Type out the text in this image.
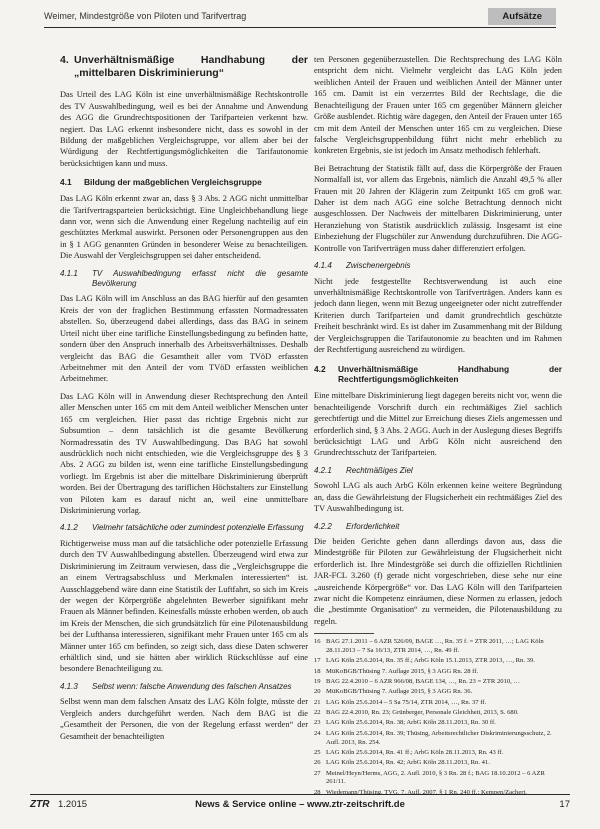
Weimer, Mindestgröße von Piloten und Tarifvertrag	Aufsätze
4. Unverhältnismäßige Handhabung der „mittelbaren Diskriminierung“

Das Urteil des LAG Köln ist eine unverhältnismäßige Rechtskontrolle des TV Auswahlbedingung, weil es bei der Annahme und Anwendung des AGG die Grundrechtspositionen der Tarifparteien verkennt bzw. negiert. Das LAG erkennt insbesondere nicht, dass es sowohl in der Bildung der maßgeblichen Vergleichsgruppe, vor allem aber bei der Würdigung der Rechtfertigungsmöglichkeiten die Tarifautonomie berücksichtigen kann und muss.

4.1	Bildung der maßgeblichen Vergleichsgruppe

Das LAG Köln erkennt zwar an, dass § 3 Abs. 2 AGG nicht unmittelbar die Tarifvertragsparteien berücksichtigt. Eine Ungleichbehandlung liege dann vor, wenn sich die Anwendung einer Regelung nachteilig auf ein geschütztes Merkmal auswirkt. Personen oder Personengruppen aus den in § 1 AGG genannten Gründen in besonderer Weise zu benachteiligen. Die Auswahl der Vergleichsgruppen sei daher entscheidend.

4.1.1	TV Auswahlbedingung erfasst nicht die gesamte Bevölkerung

Das LAG Köln will im Anschluss an das BAG hierfür auf den gesamten Kreis der von der fraglichen Bestimmung erfassten Normadressaten abstellen. So, überzeugend dabei allerdings, dass das BAG in seinem Urteil nicht über eine tarifliche Einstellungsbedingung zu befinden hatte, sondern über den Anspruch innerhalb des Arbeitsverhältnisses. Deshalb vergleicht das BAG die Gesamtheit aller vom TVöD erfassten Arbeitnehmer mit den Anteil der vom TVöD erfassten weiblichen Arbeitnehmer.

Das LAG Köln will in Anwendung dieser Rechtsprechung den Anteil aller Menschen unter 165 cm mit dem Anteil weiblicher Menschen unter 165 cm vergleichen. Hier passt das richtige Ergebnis nicht zur Subsumtion – denn tatsächlich ist die gesamte Bevölkerung Normadressatin des TV Auswahlbedingung. Das BAG hat sowohl ausdrücklich noch nicht entschieden, wie die Vergleichsgruppe des § 3 Abs. 2 AGG zu bilden ist, wenn eine tarifliche Einstellungsbedingung vorliegt. Im Ergebnis ist aber die mittelbare Diskriminierung überprüft worden. Bei der Übertragung des tariflichen Höchstalters zur Einstellung von Piloten kam es darauf nicht an, weil eine unmittelbare Diskriminierung vorlag.

4.1.2	Vielmehr tatsächliche oder zumindest potenzielle Erfassung

Richtigerweise muss man auf die tatsächliche oder potenzielle Erfassung durch den TV Auswahlbedingung abstellen. Überzeugend wird etwa zur Diskriminierung im Zeitraum verwiesen, dass die „Vergleichsgruppe die an einem Vertragsabschluss und Merkmalen interessierten“ ist. Ausschlaggebend wäre dann eine Statistik der Luftfahrt, so sich im Kreis der wegen der Körpergröße abgelehnten Bewerber signifikant mehr Frauen als Männer befinden. Keinesfalls müsste erhoben werden, ob auch im Kreis der Menschen, die sich grundsätzlich für eine Pilotenausbildung bei der Lufthansa interessieren, signifikant mehr Frauen unter 165 cm als Männer unter 165 cm befinden, so zeigt sich, dass diese Daten schwerer erhältlich sind, und sie hätten aber wirklich Rückschlüsse auf eine besondere Benachteiligung zu.

4.1.3	Selbst wenn: falsche Anwendung des falschen Ansatzes

Selbst wenn man dem falschen Ansatz des LAG Köln folgte, müsste der Vergleich anders durchgeführt werden. Nach dem BAG ist die „Gesamtheit der Personen, die von der Regelung erfasst werden“ der Gesamtheit der benachteiligten

ten Personen gegenüberzustellen. Die Rechtsprechung des LAG Köln entspricht dem nicht. Vielmehr vergleicht das LAG Köln jeden weiblichen Anteil der Frauen und weiblichen Anteil der Männer unter 165 cm. Damit ist ein verzerrtes Bild der Rechtslage, die die Benachteiligung der Frauen unter 165 cm gegenüber Männern gleicher Größe ausblendet. Richtig wäre dagegen, den Anteil der Frauen unter 165 cm mit dem Anteil der Menschen unter 165 cm zu vergleichen. Diese falsche Vergleichsgruppenbildung führt nicht mehr erheblich zu konkreten Ergebnis, sie ist jedoch im Ansatz methodisch fehlerhaft.

Bei Betrachtung der Statistik fällt auf, dass die Körpergröße der Frauen Normalfall ist, vor allem das Ergebnis, nämlich die Anzahl 49,5 % aller Frauen mit 20 Jahren der Klägerin zum Zeitpunkt 165 cm groß war. Daher ist dem nach AGG eine solche Betrachtung dennoch nicht ausgeschlossen. Der Nachweis der mittelbaren Diskriminierung, unter Heranziehung von Statistik ausdrücklich zulässig. Insgesamt ist eine Einbeziehung der Flugschüler zur Anwendung durchzuführen. Die AGG-Kontrolle von Tarifverträgen muss daher differenziert erfolgen.

4.1.4	Zwischenergebnis

Nicht jede festgestellte Rechtsverwendung ist auch eine unverhältnismäßige Rechtskontrolle von Tarifverträgen. Anders kann es jedoch dann liegen, wenn mit Bezug ungeeigneter oder nicht zutreffender Kriterien durch Tarifparteien und damit grundrechtlich geschützte Freiheit beschränkt wird. Es ist daher im Zusammenhang mit der Bildung der Vergleichsgruppen die Tarifautonomie zu beachten und im Rahmen der Rechtfertigung ausreichend zu würdigen.

4.2	Unverhältnismäßige Handhabung der Rechtfertigungsmöglichkeiten

Eine mittelbare Diskriminierung liegt dagegen bereits nicht vor, wenn die benachteiligende Vorschrift durch ein rechtmäßiges Ziel sachlich gerechtfertigt und die Mittel zur Erreichung dieses Ziels angemessen und erforderlich sind, § 3 Abs. 2 AGG. Auch in der Auslegung dieses Begriffs berücksichtigt LAG und ArbG Köln nicht ausreichend den Grundrechtsschutz der Tarifparteien.

4.2.1	Rechtmäßiges Ziel

Sowohl LAG als auch ArbG Köln erkennen keine weitere Begründung an, dass die Gewährleistung der Flugsicherheit ein rechtmäßiges Ziel des TV Auswahlbedingung ist.

4.2.2	Erforderlichkeit

Die beiden Gerichte gehen dann allerdings davon aus, dass die Mindestgröße für Piloten zur Gewährleistung der Flugsicherheit nicht erforderlich ist. Ihre Mindestgröße sei durch die offiziellen Richtlinien JAR-FCL 3.260 (f) gerade nicht vorgeschrieben, diese sehe nur eine „ausreichende Körpergröße“ vor. Das LAG Köln will den Tarifparteien zwar nicht die Kompetenz einräumen, diese Normen zu erlassen, jedoch die „bestimmte Organisation“ zu vermeiden, die Pilotenausbildung zu regeln.

16 BAG 27.1.2011 – 6 AZR 526/09, BAGE …, Rn. 35 f. = ZTR 2011, …; LAG Köln 28.11.2013 – 7 Sa 16/13, ZTR 2014, …, Rn. 49 ff.
17 LAG Köln 25.6.2014, Rn. 35 ff.; ArbG Köln 15.1.2013, ZTR 2013, …, Rn. 39.
18 MüKoBGB/Thüsing 7. Auflage 2015, § 3 AGG Rn. 28 ff.
19 BAG 22.4.2010 – 6 AZR 966/08, BAGE 134, …, Rn. 23 = ZTR 2010, …
20 MüKoBGB/Thüsing 7. Auflage 2015, § 3 AGG Rn. 36.
21 LAG Köln 25.6.2014 – 5 Sa 75/14, ZTR 2014, …, Rn. 37 ff.
22 BAG 22.4.2010, Rn. 23; Grünberger, Personale Gleichheit, 2013, S. 680.
23 LAG Köln 25.6.2014, Rn. 38; ArbG Köln 28.11.2013, Rn. 30 ff.
24 LAG Köln 25.6.2014, Rn. 39; Thüsing, Arbeitsrechtlicher Diskriminierungsschutz, 2. Aufl. 2013, Rn. 254.
25 LAG Köln 25.6.2014, Rn. 41 ff.; ArbG Köln 28.11.2013, Rn. 43 ff.
26 LAG Köln 25.6.2014, Rn. 42; ArbG Köln 28.11.2013, Rn. 41.
27 Meinel/Heyn/Herms, AGG, 2. Aufl. 2010, § 3 Rn. 28 f.; BAG 18.10.2012 – 6 AZR 261/11.
28 Wiedemann/Thüsing, TVG, 7. Aufl. 2007, § 1 Rn. 240 ff.; Kempen/Zachert,
ZTR 1.2015	News & Service online – www.ztr-zeitschrift.de	17
